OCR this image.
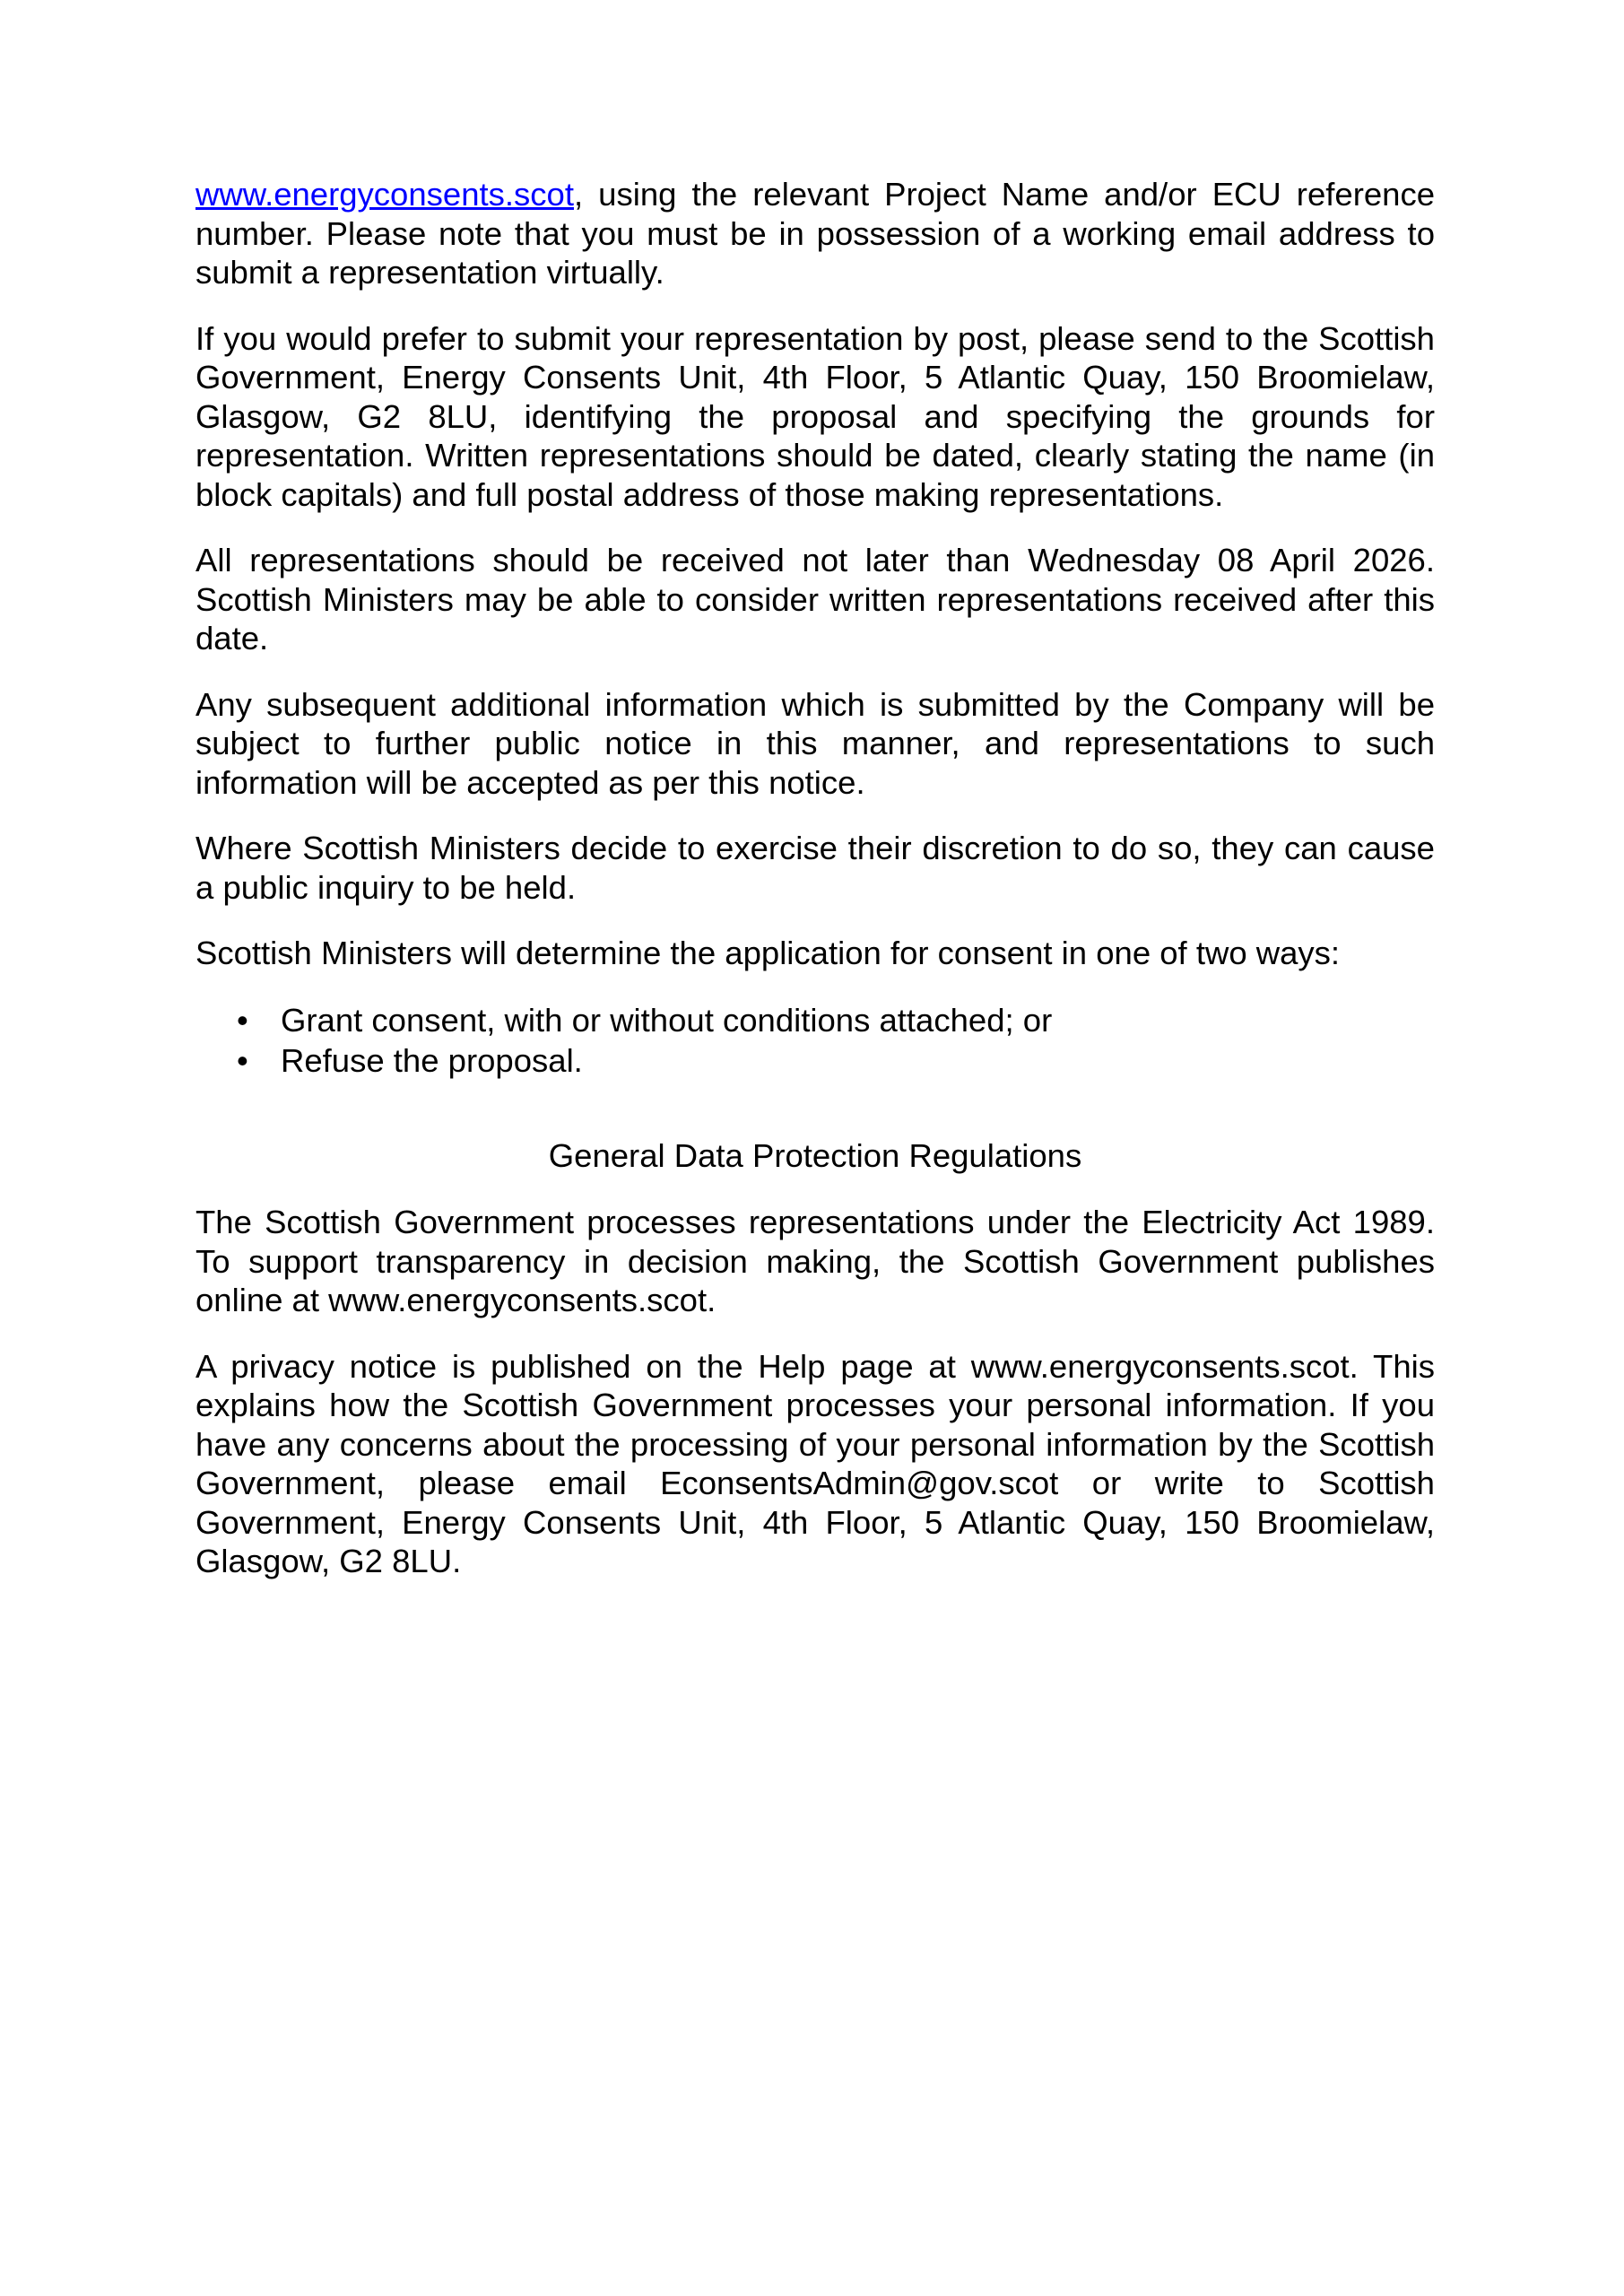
www.energyconsents.scot, using the relevant Project Name and/or ECU reference number. Please note that you must be in possession of a working email address to submit a representation virtually.

If you would prefer to submit your representation by post, please send to the Scottish Government, Energy Consents Unit, 4th Floor, 5 Atlantic Quay, 150 Broomielaw, Glasgow, G2 8LU, identifying the proposal and specifying the grounds for representation. Written representations should be dated, clearly stating the name (in block capitals) and full postal address of those making representations.

All representations should be received not later than Wednesday 08 April 2026. Scottish Ministers may be able to consider written representations received after this date.

Any subsequent additional information which is submitted by the Company will be subject to further public notice in this manner, and representations to such information will be accepted as per this notice.

Where Scottish Ministers decide to exercise their discretion to do so, they can cause a public inquiry to be held.

Scottish Ministers will determine the application for consent in one of two ways:

• Grant consent, with or without conditions attached; or
• Refuse the proposal.
General Data Protection Regulations

The Scottish Government processes representations under the Electricity Act 1989. To support transparency in decision making, the Scottish Government publishes online at www.energyconsents.scot.

A privacy notice is published on the Help page at www.energyconsents.scot. This explains how the Scottish Government processes your personal information. If you have any concerns about the processing of your personal information by the Scottish Government, please email EconsentsAdmin@gov.scot or write to Scottish Government, Energy Consents Unit, 4th Floor, 5 Atlantic Quay, 150 Broomielaw, Glasgow, G2 8LU.
